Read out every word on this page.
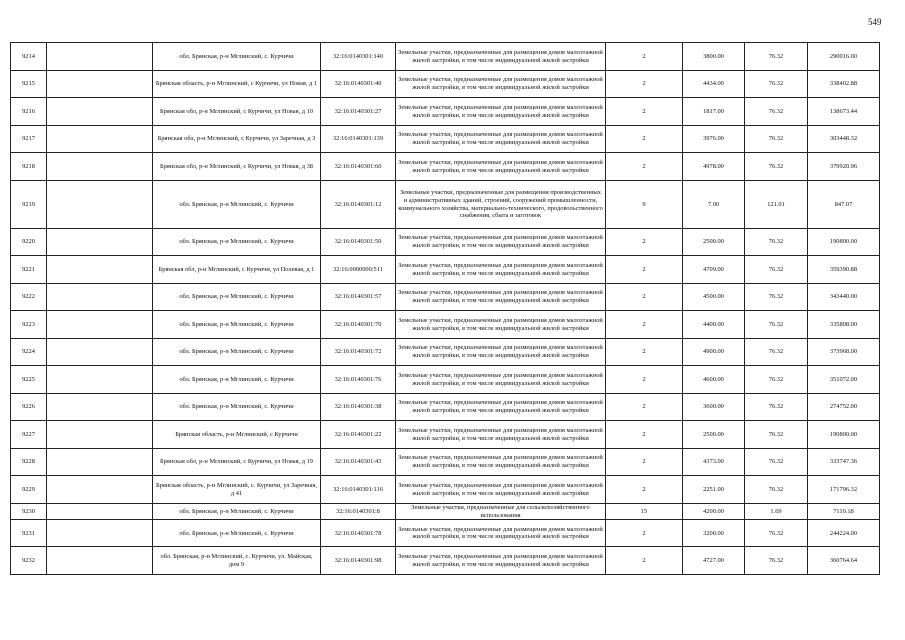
549
9214		обл. Брянская, р-н Мглинский, с. Курчичи	32:16:0140301:140	Земельные участки, предназначенные для размещения домов малоэтажной жилой застройки, в том числе индивидуальной жилой застройки	2	3800.00	76.32	290016.00
9215		Брянская область, р-н Мглинский, с Курчичи, ул Новая, д 1	32:16:0140301:40	Земельные участки, предназначенные для размещения домов малоэтажной жилой застройки, в том числе индивидуальной жилой застройки	2	4434.00	76.32	338402.88
9216		Брянская обл, р-н Мглинский, с Курчичи, ул Новая, д 10	32:16:0140301:27	Земельные участки, предназначенные для размещения домов малоэтажной жилой застройки, в том числе индивидуальной жилой застройки	2	1817.00	76.32	138673.44
9217		Брянская обл, р-н Мглинский, с Курчичи, ул Заречная, д 3	32:16:0140301:139	Земельные участки, предназначенные для размещения домов малоэтажной жилой застройки, в том числе индивидуальной жилой застройки	2	3976.00	76.32	303448.32
9218		Брянская обл, р-н Мглинский, с Курчичи, ул Новая, д 38	32:16:0140301:60	Земельные участки, предназначенные для размещения домов малоэтажной жилой застройки, в том числе индивидуальной жилой застройки	2	4978.00	76.32	379920.96
9219		обл. Брянская, р-н Мглинский, с. Курчичи	32:16:0140301:12	Земельные участки, предназначенные для размещения производственных и административных зданий, строений, сооружений промышленности, коммунального хозяйства, материально-технического, продовольственного снабжения, сбыта и заготовок	9	7.00	121.01	847.07
9220		обл. Брянская, р-н Мглинский, с. Курчичи	32:16:0140301:50	Земельные участки, предназначенные для размещения домов малоэтажной жилой застройки, в том числе индивидуальной жилой застройки	2	2500.00	76.32	190800.00
9221		Брянская обл, р-н Мглинский, с Курчичи, ул Полевая, д 1	32:16:0000000:511	Земельные участки, предназначенные для размещения домов малоэтажной жилой застройки, в том числе индивидуальной жилой застройки	2	4709.00	76.32	359390.88
9222		обл. Брянская, р-н Мглинский, с. Курчичи	32:16:0140301:57	Земельные участки, предназначенные для размещения домов малоэтажной жилой застройки, в том числе индивидуальной жилой застройки	2	4500.00	76.32	343440.00
9223		обл. Брянская, р-н Мглинский, с. Курчичи	32:16:0140301:70	Земельные участки, предназначенные для размещения домов малоэтажной жилой застройки, в том числе индивидуальной жилой застройки	2	4400.00	76.32	335808.00
9224		обл. Брянская, р-н Мглинский, с. Курчичи	32:16:0140301:72	Земельные участки, предназначенные для размещения домов малоэтажной жилой застройки, в том числе индивидуальной жилой застройки	2	4900.00	76.32	373968.00
9225		обл. Брянская, р-н Мглинский, с. Курчичи	32:16:0140301:76	Земельные участки, предназначенные для размещения домов малоэтажной жилой застройки, в том числе индивидуальной жилой застройки	2	4600.00	76.32	351072.00
9226		обл. Брянская, р-н Мглинский, с. Курчичи	32:16:0140301:38	Земельные участки, предназначенные для размещения домов малоэтажной жилой застройки, в том числе индивидуальной жилой застройки	2	3600.00	76.32	274752.00
9227		Брянская область, р-н Мглинский, с Курчичи	32:16:0140301:22	Земельные участки, предназначенные для размещения домов малоэтажной жилой застройки, в том числе индивидуальной жилой застройки	2	2500.00	76.32	190800.00
9228		Брянская обл, р-н Мглинский, с Курчичи, ул Новая, д 19	32:16:0140301:43	Земельные участки, предназначенные для размещения домов малоэтажной жилой застройки, в том числе индивидуальной жилой застройки	2	4373.00	76.32	333747.36
9229		Брянская область, р-н Мглинский, с. Курчичи, ул Заречная, д 41	32:16:0140301:116	Земельные участки, предназначенные для размещения домов малоэтажной жилой застройки, в том числе индивидуальной жилой застройки	2	2251.00	76.32	171796.32
9230		обл. Брянская, р-н Мглинский, с. Курчичи	32:16:0140301:8	Земельные участки, предназначенные для сельскохозяйственного использования	15	4200.00	1.69	7110.18
9231		обл. Брянская, р-н Мглинский, с. Курчичи	32:16:0140301:78	Земельные участки, предназначенные для размещения домов малоэтажной жилой застройки, в том числе индивидуальной жилой застройки	2	3200.00	76.32	244224.00
9232		обл. Брянская, р-н Мглинский, с. Курчичи, ул. Майская, дом 9	32:16:0140301:98	Земельные участки, предназначенные для размещения домов малоэтажной жилой застройки, в том числе индивидуальной жилой застройки	2	4727.00	76.32	360764.64
